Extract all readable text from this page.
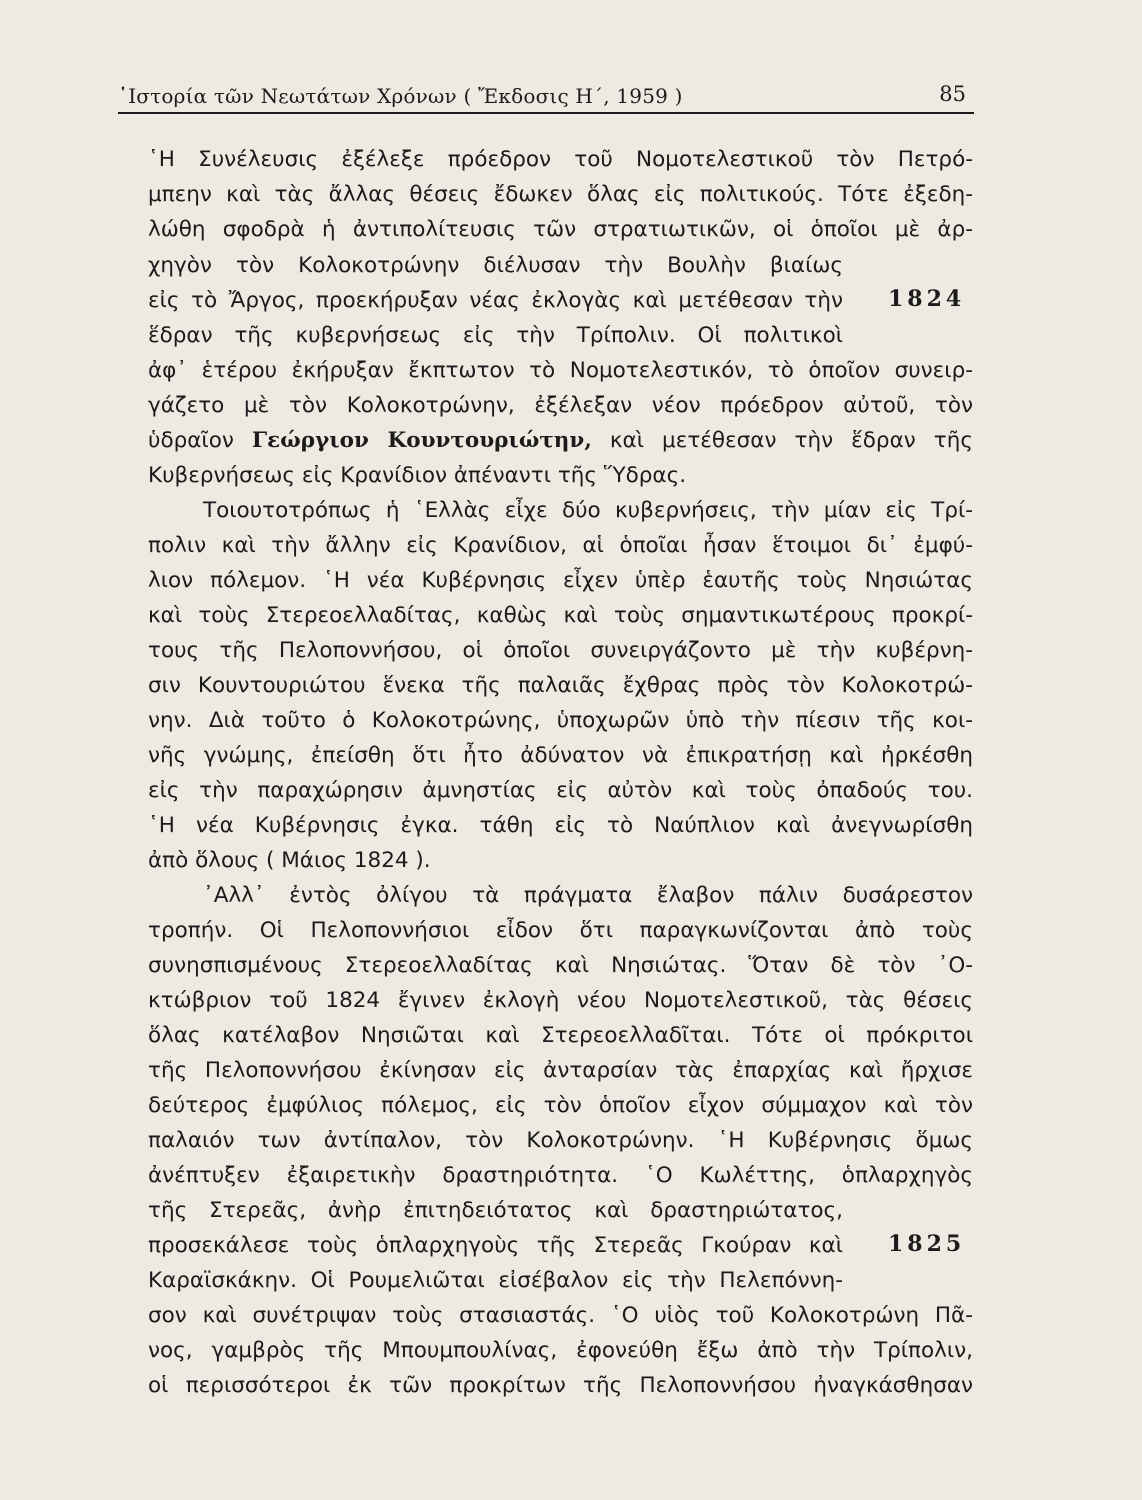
῾Ιστορία τῶν Νεωτάτων Χρόνων ( Ἔκδοσις Η΄, 1959 )	85
῾Η Συνέλευσις ἐξέλεξε πρόεδρον τοῦ Νομοτελεστικοῦ τὸν Πετρό-
μπεην καὶ τὰς ἄλλας θέσεις ἔδωκεν ὅλας εἰς πολιτικούς. Τότε ἐξεδη-
λώθη σφοδρὰ ἡ ἀντιπολίτευσις τῶν στρατιωτικῶν, οἱ ὁποῖοι μὲ ἀρ-
χηγὸν τὸν Κολοκοτρώνην διέλυσαν τὴν Βουλὴν βιαίως
εἰς τὸ Ἄργος, προεκήρυξαν νέας ἐκλογὰς καὶ μετέθεσαν τὴν 1824
ἕδραν τῆς κυβερνήσεως εἰς τὴν Τρίπολιν. Οἱ πολιτικοὶ
ἀφ᾿ ἑτέρου ἐκήρυξαν ἔκπτωτον τὸ Νομοτελεστικόν, τὸ ὁποῖον συνειρ-
γάζετο μὲ τὸν Κολοκοτρώνην, ἐξέλεξαν νέον πρόεδρον αὐτοῦ, τὸν
ὑδραῖον Γεώργιον Κουντουριώτην, καὶ μετέθεσαν τὴν ἕδραν τῆς
Κυβερνήσεως εἰς Κρανίδιον ἀπέναντι τῆς Ὕδρας.
Τοιουτοτρόπως ἡ ῾Ελλὰς εἶχε δύο κυβερνήσεις, τὴν μίαν εἰς Τρί-
πολιν καὶ τὴν ἄλλην εἰς Κρανίδιον, αἱ ὁποῖαι ἦσαν ἕτοιμοι δι᾿ ἐμφύ-
λιον πόλεμον. ῾Η νέα Κυβέρνησις εἶχεν ὑπὲρ ἑαυτῆς τοὺς Νησιώτας
καὶ τοὺς Στερεοελλαδίτας, καθὼς καὶ τοὺς σημαντικωτέρους προκρί-
τους τῆς Πελοποννήσου, οἱ ὁποῖοι συνειργάζοντο μὲ τὴν κυβέρνη-
σιν Κουντουριώτου ἕνεκα τῆς παλαιᾶς ἔχθρας πρὸς τὸν Κολοκοτρώ-
νην. Διὰ τοῦτο ὁ Κολοκοτρώνης, ὑποχωρῶν ὑπὸ τὴν πίεσιν τῆς κοι-
νῆς γνώμης, ἐπείσθη ὅτι ἦτο ἀδύνατον νὰ ἐπικρατήσῃ καὶ ἠρκέσθη
εἰς τὴν παραχώρησιν ἀμνηστίας εἰς αὐτὸν καὶ τοὺς ὀπαδούς του.
῾Η νέα Κυβέρνησις ἐγκα. τάθη εἰς τὸ Ναύπλιον καὶ ἀνεγνωρίσθη
ἀπὸ ὅλους ( Μάιος 1824 ).
᾿Αλλ᾿ ἐντὸς ὀλίγου τὰ πράγματα ἔλαβον πάλιν δυσάρεστον
τροπήν. Οἱ Πελοποννήσιοι εἶδον ὅτι παραγκωνίζονται ἀπὸ τοὺς
συνησπισμένους Στερεοελλαδίτας καὶ Νησιώτας. Ὅταν δὲ τὸν ᾿Ο-
κτώβριον τοῦ 1824 ἔγινεν ἐκλογὴ νέου Νομοτελεστικοῦ, τὰς θέσεις
ὅλας κατέλαβον Νησιῶται καὶ Στερεοελλαδῖται. Τότε οἱ πρόκριτοι
τῆς Πελοποννήσου ἐκίνησαν εἰς ἀνταρσίαν τὰς ἐπαρχίας καὶ ἤρχισε
δεύτερος ἐμφύλιος πόλεμος, εἰς τὸν ὁποῖον εἶχον σύμμαχον καὶ τὸν
παλαιόν των ἀντίπαλον, τὸν Κολοκοτρώνην. ῾Η Κυβέρνησις ὅμως
ἀνέπτυξεν ἐξαιρετικὴν δραστηριότητα. ῾Ο Κωλέττης, ὁπλαρχηγὸς
τῆς Στερεᾶς, ἀνὴρ ἐπιτηδειότατος καὶ δραστηριώτατος,
προσεκάλεσε τοὺς ὁπλαρχηγοὺς τῆς Στερεᾶς Γκούραν καὶ 1825
Καραϊσκάκην. Οἱ Ρουμελιῶται εἰσέβαλον εἰς τὴν Πελεπόννη-
σον καὶ συνέτριψαν τοὺς στασιαστάς. ῾Ο υἱὸς τοῦ Κολοκοτρώνη Πᾶ-
νος, γαμβρὸς τῆς Μπουμπουλίνας, ἐφονεύθη ἔξω ἀπὸ τὴν Τρίπολιν,
οἱ περισσότεροι ἐκ τῶν προκρίτων τῆς Πελοποννήσου ἠναγκάσθησαν
